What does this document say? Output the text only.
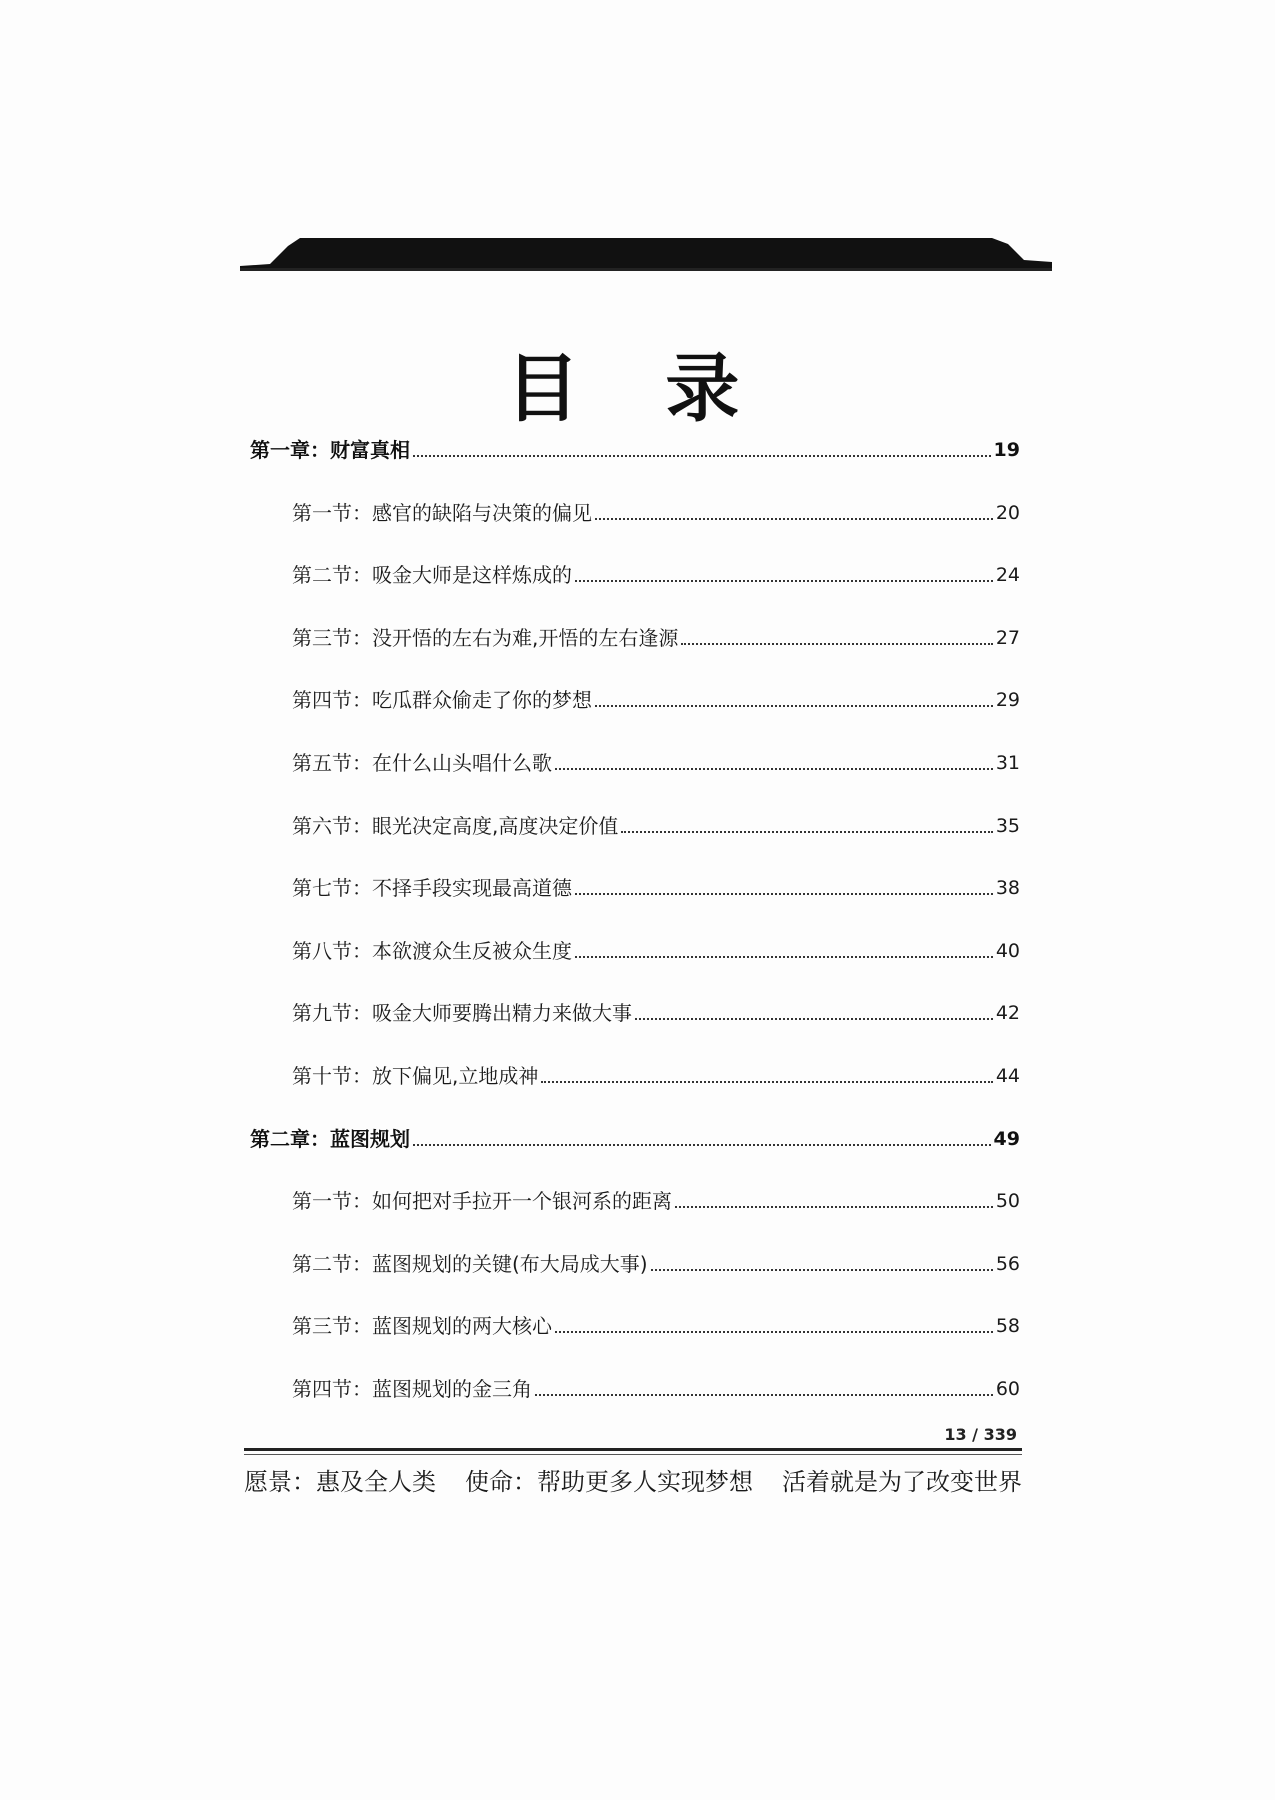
目 录
第一章：财富真相	19
第一节：感官的缺陷与决策的偏见	20
第二节：吸金大师是这样炼成的	24
第三节：没开悟的左右为难,开悟的左右逢源	27
第四节：吃瓜群众偷走了你的梦想	29
第五节：在什么山头唱什么歌	31
第六节：眼光决定高度,高度决定价值	35
第七节：不择手段实现最高道德	38
第八节：本欲渡众生反被众生度	40
第九节：吸金大师要腾出精力来做大事	42
第十节：放下偏见,立地成神	44
第二章：蓝图规划	49
第一节：如何把对手拉开一个银河系的距离	50
第二节：蓝图规划的关键(布大局成大事)	56
第三节：蓝图规划的两大核心	58
第四节：蓝图规划的金三角	60
13 / 339
愿景：惠及全人类 使命：帮助更多人实现梦想 活着就是为了改变世界
